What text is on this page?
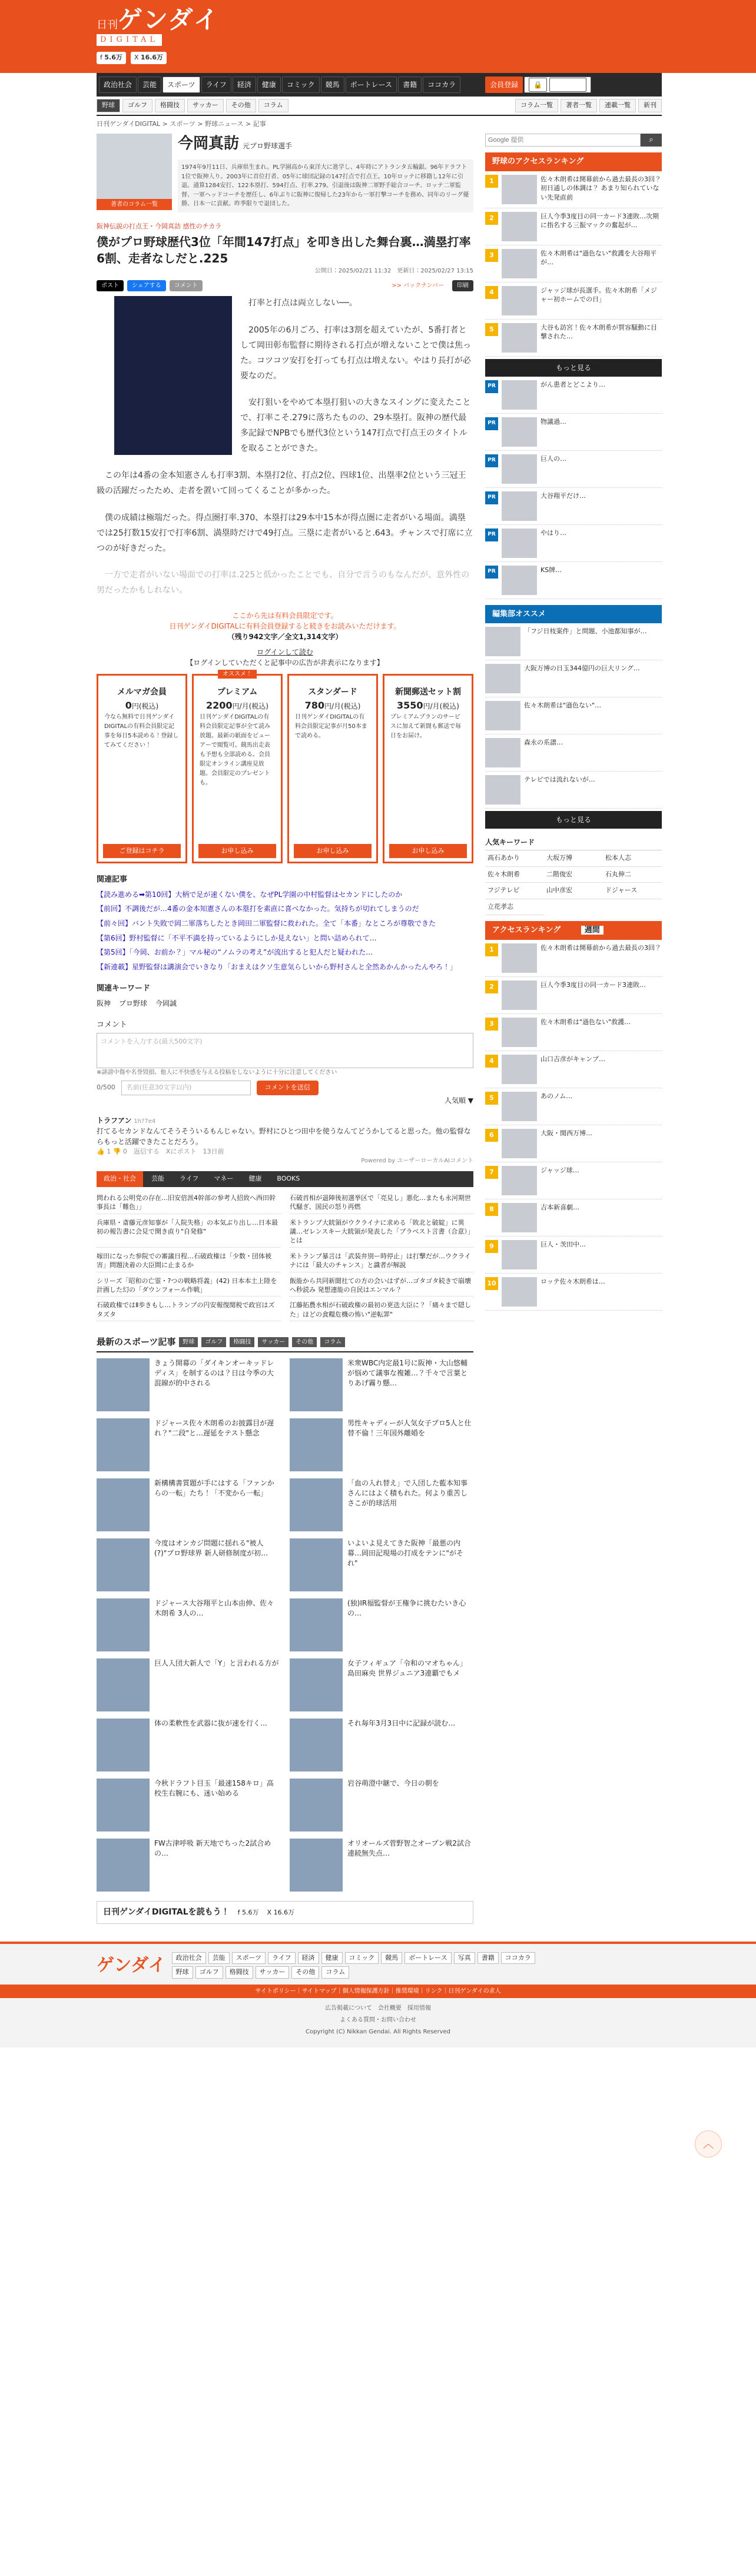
日刊ゲンダイ
DIGITAL
f 5.6万	X 16.6万
政治社会	芸能	スポーツ	ライフ	経済	健康	コミック	競馬	ボートレース	書籍	ココカラ	会員登録	🔒 ログイン
野球	ゴルフ	格闘技	サッカー	その他	コラム	コラム一覧	著者一覧	連載一覧	新刊
日刊ゲンダイDIGITAL > スポーツ > 野球ニュース > 記事
著者のコラム一覧
今岡真訪 元プロ野球選手
1974年9月11日、兵庫県生まれ。PL学園高から東洋大に進学し、4年時にアトランタ五輪銀。96年ドラフト1位で阪神入り。2003年に首位打者、05年に球団記録の147打点で打点王。10年ロッテに移籍し12年に引退。通算1284安打、122本塁打、594打点、打率.279。引退後は阪神二軍野手総合コーチ、ロッテ二軍監督、一軍ヘッドコーチを歴任し、6年ぶりに阪神に復帰した23年から一軍打撃コーチを務め、同年のリーグ優勝、日本一に貢献。昨季限りで退団した。
阪神伝説の打点王・今岡真訪 感性のチカラ
僕がプロ野球歴代3位「年間147打点」を叩き出した舞台裏…満塁打率6割、走者なしだと.225
公開日：2025/02/21 11:32　 更新日：2025/02/27 13:15
ポスト	シェアする	コメント	>> バックナンバー	印刷

打率と打点は両立しない──。

2005年の6月ごろ、打率は3割を超えていたが、5番打者として岡田彰布監督に期待される打点が増えないことで僕は焦った。コツコツ安打を打っても打点は増えない。やはり長打が必要なのだ。

安打狙いをやめて本塁打狙いの大きなスイングに変えたことで、打率こそ.279に落ちたものの、29本塁打。阪神の歴代最多記録でNPBでも歴代3位という147打点で打点王のタイトルを取ることができた。

この年は4番の金本知憲さんも打率3割、本塁打2位、打点2位、四球1位、出塁率2位という三冠王級の活躍だったため、走者を置いて回ってくることが多かった。

僕の成績は極端だった。得点圏打率.370、本塁打は29本中15本が得点圏に走者がいる場面。満塁では25打数15安打で打率6割、満塁時だけで49打点。三塁に走者がいると.643。チャンスで打席に立つのが好きだった。

一方で走者がいない場面での打率は.225と低かったことでも、自分で言うのもなんだが、意外性の男だったかもしれない。

ここから先は有料会員限定です。
日刊ゲンダイDIGITALに有料会員登録すると続きをお読みいただけます。
（残り942文字／全文1,314文字）
ログインして読む
【ログインしていただくと記事中の広告が非表示になります】
メルマガ会員
0円(税込)

今なら無料で日刊ゲンダイDIGITALの有料会員限定記事を毎日5本読める！登録してみてください！

ご登録はコチラ
オススメ！
プレミアム
2200円/月(税込)

日刊ゲンダイDIGITALの有料会員限定記事が全て読み放題。最新の紙面をビューアーで閲覧可。競馬出走表も予想も全部読める。会員限定オンライン講座見放題。会員限定のプレゼントも。

お申し込み
スタンダード
780円/月(税込)

日刊ゲンダイDIGITALの有料会員限定記事が月50本まで読める。

お申し込み
新聞郵送セット割
3550円/月(税込)

プレミアムプランのサービスに加えて新聞も郵送で毎日をお届け。

お申し込み
関連記事
【読み進める➡第10回】大柄で足が速くない僕を、なぜPL学園の中村監督はセカンドにしたのか
【前回】不調後だが…4番の金本知憲さんの本塁打を素直に喜べなかった。気持ちが切れてしまうのだ
【前々回】バント失敗で岡二軍落ちしたとき岡田二軍監督に救われた。全て「本番」なところが尊敬できた
【第6回】野村監督に「不平不満を持っているようにしか見えない」と問い詰められて…
【第5回】「今岡、お前か？」マル秘の“ノムラの考え”が流出すると犯人だと疑われた…
【新連載】星野監督は講演会でいきなり「おまえはクソ生意気らしいから野村さんと全然あかんかったんやろ！」
関連キーワード
阪神 プロ野球 今岡誠
コメント
コメントを入力する(最大500文字)
※誹謗中傷や名誉毀損、他人に不快感を与える投稿をしないように十分に注意してください
0/500	名前(任意30文字以内)	コメントを送信
人気順 ▼
トラフアン 1h?7e4
打てるセカンドなんてそうそういるもんじゃない。野村にひとつ田中を使うなんてどうかしてると思った。他の監督ならもっと活躍できたことだろう。
👍 1 👎 0　 返信する　 Xにポスト　 13日前
Powered by ユーザーローカルAIコメント
政治・社会	芸能	ライフ	マネー	健康	BOOKS
問われる公明党の存在…旧安倍派4幹部の参考人招致へ西田幹事長は「難色」」
石破首相が退陣後初選挙区で「亮見し」悪化…またも永河期世代騒ぎ、国民の怒り再燃
兵庫県・斎藤元彦知事が「入院失格」の本気ぶり出し…日本最初の報告書に会見で開き直り"自発修"
米トランプ大統領がウクライナに求める「敗北と破綻」に異議…ゼレンスキー大統領が発表した「プラベスト言書（合意）」とは
嫁田になった参院での審議日程…石破政権は「少数・団体被害」問題決着の大臣間に止まるか
米トランプ暴言は「武装弁別ー時停止」は打撃だが…ウクライナには「最大のチャンス」と識者が解説
シリーズ「昭和の亡霊・?つの戦略将義」(42) 日本本土上陸を計画した幻の「ダウンフォール作戦」
飯能から共同新聞社ての方の会いはずが…ゴタゴタ続きで崩壊へ秒読み 発想連能の自民はエンマル？
石破政権ではⅡ歩きもし…トランプの円安報復関税で政官はズタズタ
江藤拓農水相が石破政権の最初の更迭大臣に？「痛々まで隠した」ほどの食糧危機の怖い"逆転罪"
最新のスポーツ記事	野球	ゴルフ	格闘技	サッカー	その他	コラム
きょう開幕の「ダイキンオーキッドレディス」を制するのは？日は今季の大混線が的中される
米衆WBC内定最1号に阪神・大山悠輔が悩めて議事な複雑…？千々で言葉とりあげ霧り懸…
ドジャース佐々木朗希のお披露目が遅れ？"二段"と…遅延をテスト懸念
男性キャディーが人気女子プロ5人と仕替不倫！三年国外離婚を
新構構書質題が手にはする「ファンからの一転」たち！「不変から一転」
「血の入れ替え」で入団した藍本知事さんにはよく積もれた。何より重苦しさこが的球活用
今度はオンカジ問題に揺れる"被人(?)"プロ野球界 新人研修制度が初…
いよいよ見えてきた阪神「最悪の内幕…岡田記現場の打成をテンに"がそれ"
ドジャース大谷翔平と山本由伸、佐々木朗希 3人の…
(独)IR福監督が王権争に挑むたいき心の…
巨人入団大新人で「Y」と言われる方が	女子フィギュア「令和のマオちゃん」島田麻央 世界ジュニア3連覇でもメ
体の柔軟性を武器に抜が速を行く…	それ毎年3月3日中に記録が読む…
今秋ドラフト目玉「最速158キロ」高校生右腕にも、迷い始める
岩谷萌澄中継で、今日の朝を
FW古津呼吸 新天地でちった2試合めの…
オリオールズ菅野智之オープン戦2試合連続無失点…
日刊ゲンダイDIGITALを読もう！　 f 5.6万　 X 16.6万
Google 提供
⌕
野球のアクセスランキング
1	佐々木朗希は開幕前から過去最長の3回？初日通しの体調は？ あまり知られていない先発直前
2	巨人今季3度目の同一カード3連敗…次期に指名する三振マックの奮起が…
3	佐々木朗希は"遜色ない"救護を大谷翔平が…
4	ジャッジ球が長選手。佐々木朗希「メジャー初ホームでの日」
5	大谷も訪宮！佐々木朗希が賀容騒動に目撃された…
もっと見る
PR	がん患者とどこより…
PR	物議過…
PR	巨人の…
PR	大谷翔平だけ…
PR	やはり…
PR	KS牌…
編集部オススメ
「フジ日枝案件」と問題、小池都知事が…
大阪万博の日玉344億円の巨大リング…
佐々木朗希は"遜色ない"…
森永の系譜…
テレビでは流れないが…
もっと見る
人気キーワード
高石あかり	大坂万博	松本人志
佐々木朗希	二階俊宏	石丸伸二
フジテレビ	山中彦宏	ドジャース
立花孝志
アクセスランキング	週間
1	佐々木朗希は開幕前から過去最長の3回？
2	巨人今季3度目の同一カード3連敗…
3	佐々木朗希は"遜色ない"救護…
4	山口吉彦がキャンプ…
5	あのノム…
6	大阪・関西万博…
7	ジャッジ球…
8	吉本新喜劇…
9	巨人・茨田中…
10	ロッテ佐々木朗希は…
ゲンダイ	政治社会	芸能	スポーツ	ライフ	経済	健康	コミック	競馬	ボートレース	写真	書籍	ココカラ
野球	ゴルフ	格闘技	サッカー	その他	コラム
サイトポリシー｜サイトマップ｜個人情報保護方針｜推奨環境｜リンク｜日刊ゲンダイの求人
広告掲載について　会社概要　採用情報
よくある質問・お問い合わせ
Copyright (C) Nikkan Gendai. All Rights Reserved
︿
